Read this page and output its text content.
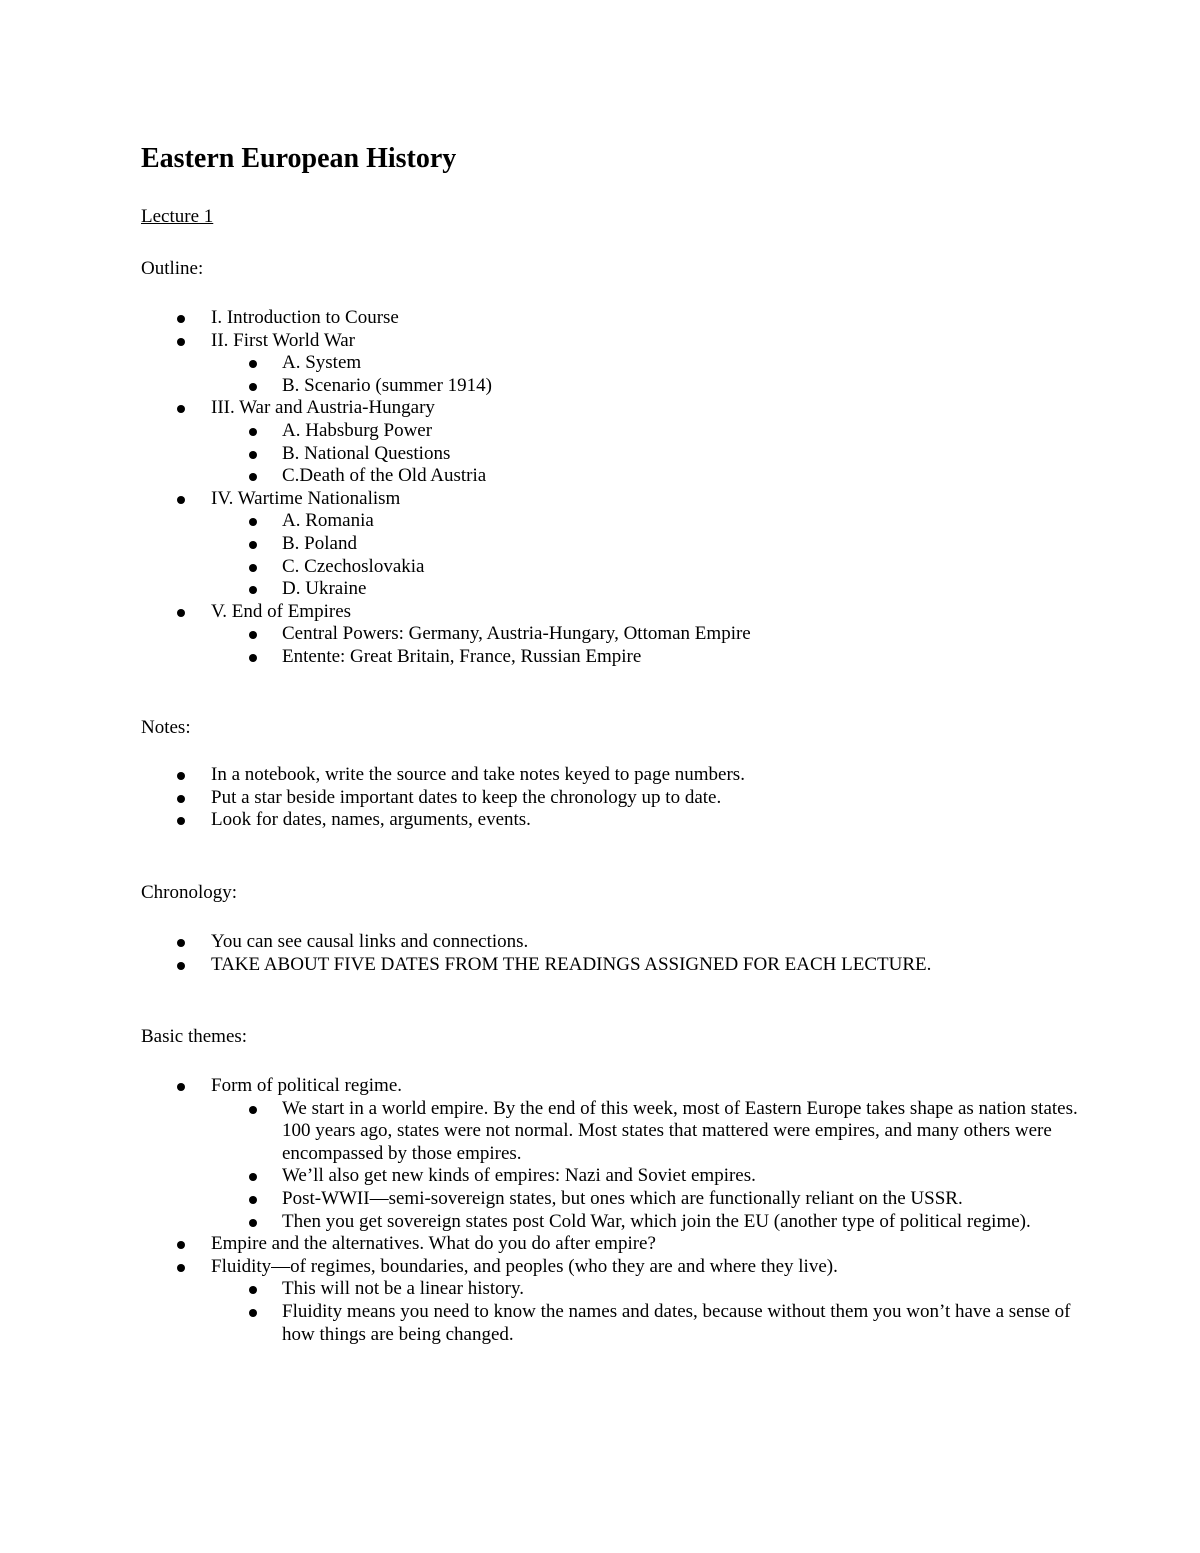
Eastern European History
Lecture 1
Outline:
I. Introduction to Course
II. First World War
A. System
B. Scenario (summer 1914)
III. War and Austria-Hungary
A. Habsburg Power
B. National Questions
C.Death of the Old Austria
IV. Wartime Nationalism
A. Romania
B. Poland
C. Czechoslovakia
D. Ukraine
V. End of Empires
Central Powers: Germany, Austria-Hungary, Ottoman Empire
Entente: Great Britain, France, Russian Empire
Notes:
In a notebook, write the source and take notes keyed to page numbers.
Put a star beside important dates to keep the chronology up to date.
Look for dates, names, arguments, events.
Chronology:
You can see causal links and connections.
TAKE ABOUT FIVE DATES FROM THE READINGS ASSIGNED FOR EACH LECTURE.
Basic themes:
Form of political regime.
We start in a world empire. By the end of this week, most of Eastern Europe takes shape as nation states. 100 years ago, states were not normal. Most states that mattered were empires, and many others were encompassed by those empires.
We’ll also get new kinds of empires: Nazi and Soviet empires.
Post-WWII—semi-sovereign states, but ones which are functionally reliant on the USSR.
Then you get sovereign states post Cold War, which join the EU (another type of political regime).
Empire and the alternatives. What do you do after empire?
Fluidity—of regimes, boundaries, and peoples (who they are and where they live).
This will not be a linear history.
Fluidity means you need to know the names and dates, because without them you won’t have a sense of how things are being changed.
